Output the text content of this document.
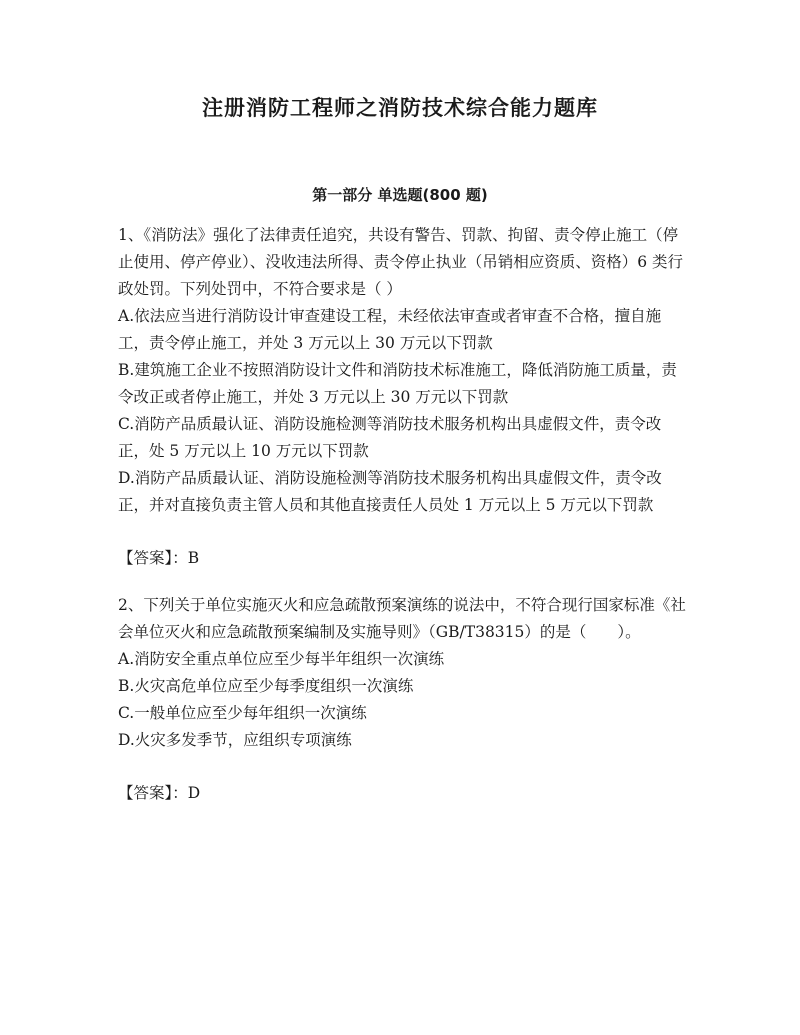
注册消防工程师之消防技术综合能力题库
第一部分 单选题(800 题)

1、《消防法》强化了法律责任追究，共设有警告、罚款、拘留、责令停止施工（停止使用、停产停业）、没收违法所得、责令停止执业（吊销相应资质、资格）6 类行政处罚。下列处罚中，不符合要求是（ ）

A.依法应当进行消防设计审查建设工程，未经依法审查或者审查不合格，擅自施工，责令停止施工，并处 3 万元以上 30 万元以下罚款

B.建筑施工企业不按照消防设计文件和消防技术标准施工，降低消防施工质量，责令改正或者停止施工，并处 3 万元以上 30 万元以下罚款

C.消防产品质最认证、消防设施检测等消防技术服务机构出具虚假文件，责令改正，处 5 万元以上 10 万元以下罚款

D.消防产品质最认证、消防设施检测等消防技术服务机构出具虚假文件，责令改正，并对直接负责主管人员和其他直接责任人员处 1 万元以上 5 万元以下罚款

【答案】：B

2、下列关于单位实施灭火和应急疏散预案演练的说法中，不符合现行国家标准《社会单位灭火和应急疏散预案编制及实施导则》（GB/T38315）的是（　　）。

A.消防安全重点单位应至少每半年组织一次演练

B.火灾高危单位应至少每季度组织一次演练

C.一般单位应至少每年组织一次演练

D.火灾多发季节，应组织专项演练

【答案】：D
